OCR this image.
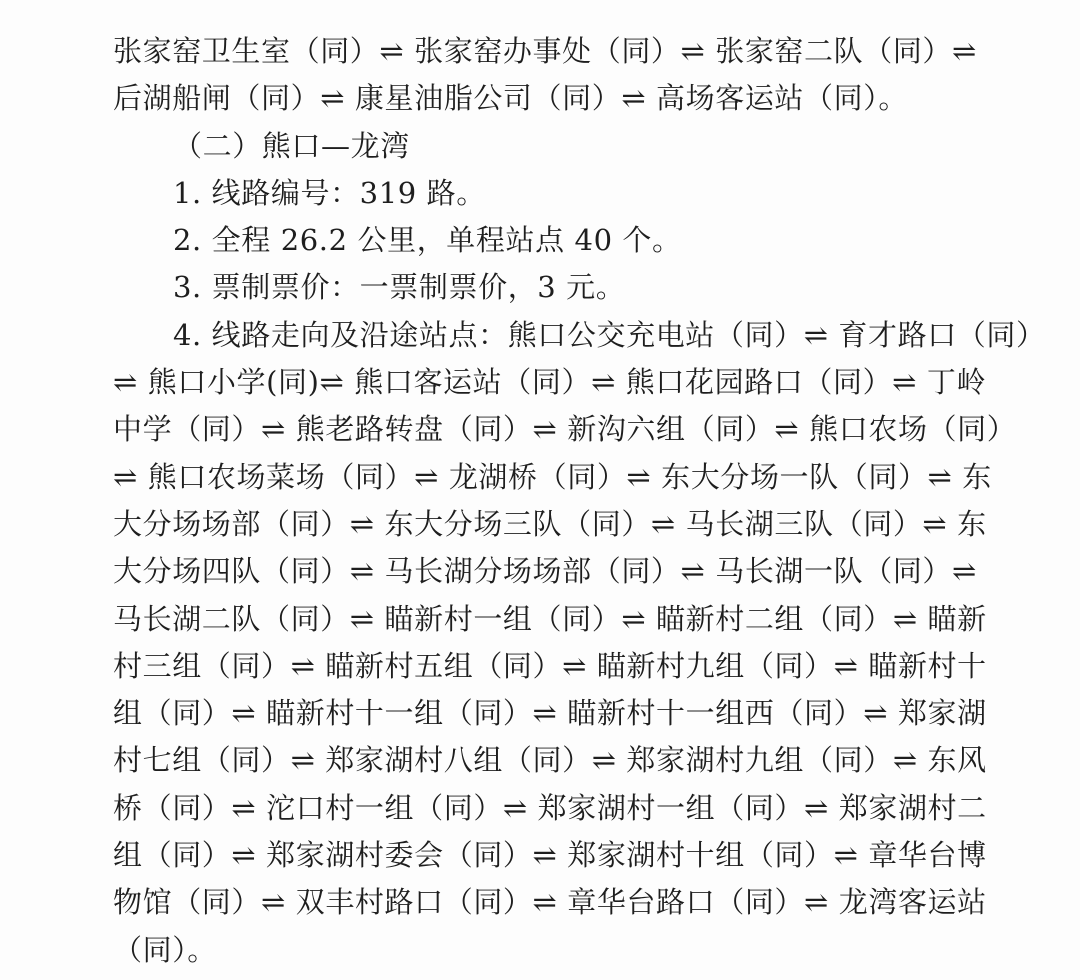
张家窑卫生室（同）⇌ 张家窑办事处（同）⇌ 张家窑二队（同）⇌

后湖船闸（同）⇌ 康星油脂公司（同）⇌ 高场客运站（同）。

（二）熊口—龙湾

1. 线路编号：319 路。

2. 全程 26.2 公里，单程站点 40 个。

3. 票制票价：一票制票价，3 元。

4. 线路走向及沿途站点：熊口公交充电站（同）⇌ 育才路口（同）

⇌ 熊口小学(同)⇌ 熊口客运站（同）⇌ 熊口花园路口（同）⇌ 丁岭

中学（同）⇌ 熊老路转盘（同）⇌ 新沟六组（同）⇌ 熊口农场（同）

⇌ 熊口农场菜场（同）⇌ 龙湖桥（同）⇌ 东大分场一队（同）⇌ 东

大分场场部（同）⇌ 东大分场三队（同）⇌ 马长湖三队（同）⇌ 东

大分场四队（同）⇌ 马长湖分场场部（同）⇌ 马长湖一队（同）⇌

马长湖二队（同）⇌ 瞄新村一组（同）⇌ 瞄新村二组（同）⇌ 瞄新

村三组（同）⇌ 瞄新村五组（同）⇌ 瞄新村九组（同）⇌ 瞄新村十

组（同）⇌ 瞄新村十一组（同）⇌ 瞄新村十一组西（同）⇌ 郑家湖

村七组（同）⇌ 郑家湖村八组（同）⇌ 郑家湖村九组（同）⇌ 东风

桥（同）⇌ 沱口村一组（同）⇌ 郑家湖村一组（同）⇌ 郑家湖村二

组（同）⇌ 郑家湖村委会（同）⇌ 郑家湖村十组（同）⇌ 章华台博

物馆（同）⇌ 双丰村路口（同）⇌ 章华台路口（同）⇌ 龙湾客运站

（同）。
